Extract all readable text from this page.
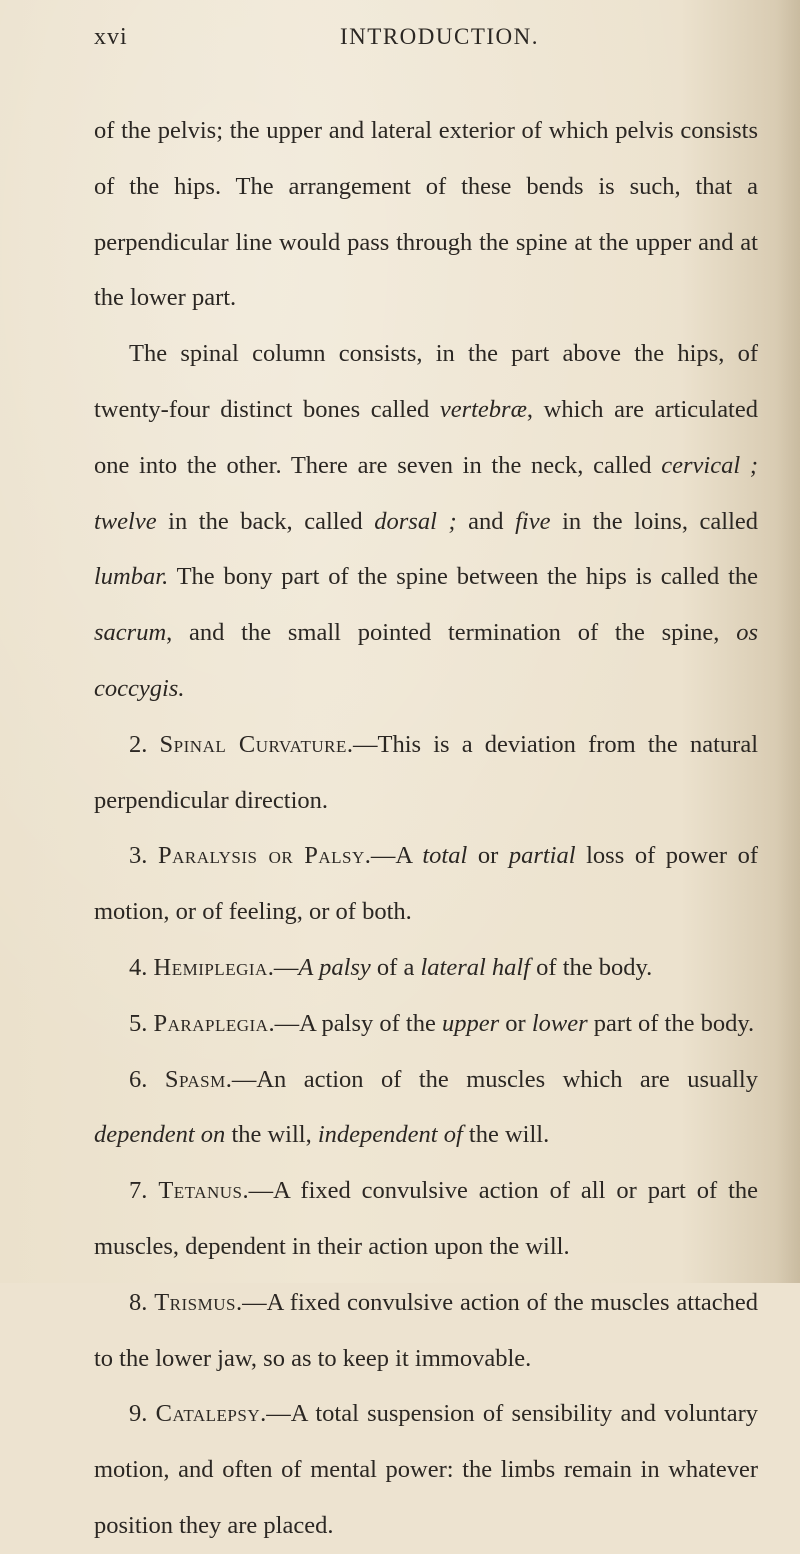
xvi	INTRODUCTION.

of the pelvis; the upper and lateral exterior of which pelvis consists of the hips. The arrangement of these bends is such, that a perpendicular line would pass through the spine at the upper and at the lower part.

The spinal column consists, in the part above the hips, of twenty-four distinct bones called vertebræ, which are articulated one into the other. There are seven in the neck, called cervical ; twelve in the back, called dorsal ; and five in the loins, called lumbar. The bony part of the spine between the hips is called the sacrum, and the small pointed termination of the spine, os coccygis.

2. Spinal Curvature.—This is a deviation from the natural perpendicular direction.

3. Paralysis or Palsy.—A total or partial loss of power of motion, or of feeling, or of both.

4. Hemiplegia.—A palsy of a lateral half of the body.

5. Paraplegia.—A palsy of the upper or lower part of the body.

6. Spasm.—An action of the muscles which are usually dependent on the will, independent of the will.

7. Tetanus.—A fixed convulsive action of all or part of the muscles, dependent in their action upon the will.

8. Trismus.—A fixed convulsive action of the muscles attached to the lower jaw, so as to keep it immovable.

9. Catalepsy.—A total suspension of sensibility and voluntary motion, and often of mental power: the limbs remain in whatever position they are placed.
